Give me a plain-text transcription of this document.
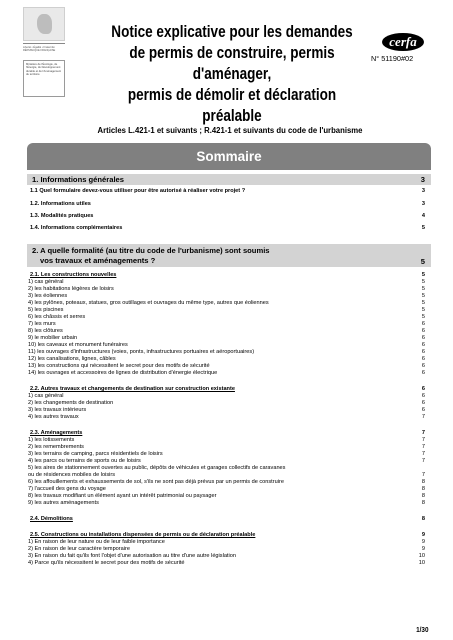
Liberté • Égalité • Fraternité
RÉPUBLIQUE FRANÇAISE
Ministère de l'Écologie, de l'Énergie, du Développement durable et de l'Aménagement du territoire
Notice explicative pour les demandes
de permis de construire, permis d'aménager,
permis de démolir et déclaration préalable
cerfa
N° 51190#02
Articles L.421-1 et suivants ; R.421-1 et suivants du code de l'urbanisme
Sommaire
1. Informations générales	3
1.1 Quel formulaire devez-vous utiliser pour être autorisé à réaliser votre projet ?	3
1.2. Informations utiles	3
1.3. Modalités pratiques	4
1.4. Informations complémentaires	5
2. A quelle formalité (au titre du code de l'urbanisme) sont soumis
vos travaux et aménagements ?	5
2.1. Les constructions nouvelles	5
1) cas général	5
2) les habitations légères de loisirs	5
3) les éoliennes	5
4) les pylônes, poteaux, statues, gros outillages et ouvrages du même type, autres que éoliennes	5
5) les piscines	5
6) les châssis et serres	5
7) les murs	6
8) les clôtures	6
9) le mobilier urbain	6
10) les caveaux et monument funéraires	6
11) les ouvrages d'infrastructures (voies, ponts, infrastructures portuaires et aéroportuaires)	6
12) les canalisations, lignes, câbles	6
13) les constructions qui nécessitent le secret pour des motifs de sécurité	6
14) les ouvrages et accessoires de lignes de distribution d'énergie électrique	6
2.2. Autres travaux et changements de destination sur construction existante	6
1) cas général	6
2) les changements de destination	6
3) les travaux intérieurs	6
4) les autres travaux	7
2.3. Aménagements	7
1) les lotissements	7
2) les remembrements	7
3) les terrains de camping, parcs résidentiels de loisirs	7
4) les parcs ou terrains de sports ou de loisirs	7
5) les aires de stationnement ouvertes au public, dépôts de véhicules et garages collectifs de caravanes
ou de résidences mobiles de loisirs	7
6) les affouillements et exhaussements de sol, s'ils ne sont pas déjà prévus par un permis de construire	8
7) l'accueil des gens du voyage	8
8) les travaux modifiant un élément ayant un intérêt patrimonial ou paysager	8
9) les autres aménagements	8
2.4. Démolitions	8
2.5. Constructions ou installations dispensées de permis ou de déclaration préalable	9
1) En raison de leur nature ou de leur faible importance	9
2) En raison de leur caractère temporaire	9
3) En raison du fait qu'ils font l'objet d'une autorisation au titre d'une autre législation	10
4) Parce qu'ils nécessitent le secret pour des motifs de sécurité	10
1/30
